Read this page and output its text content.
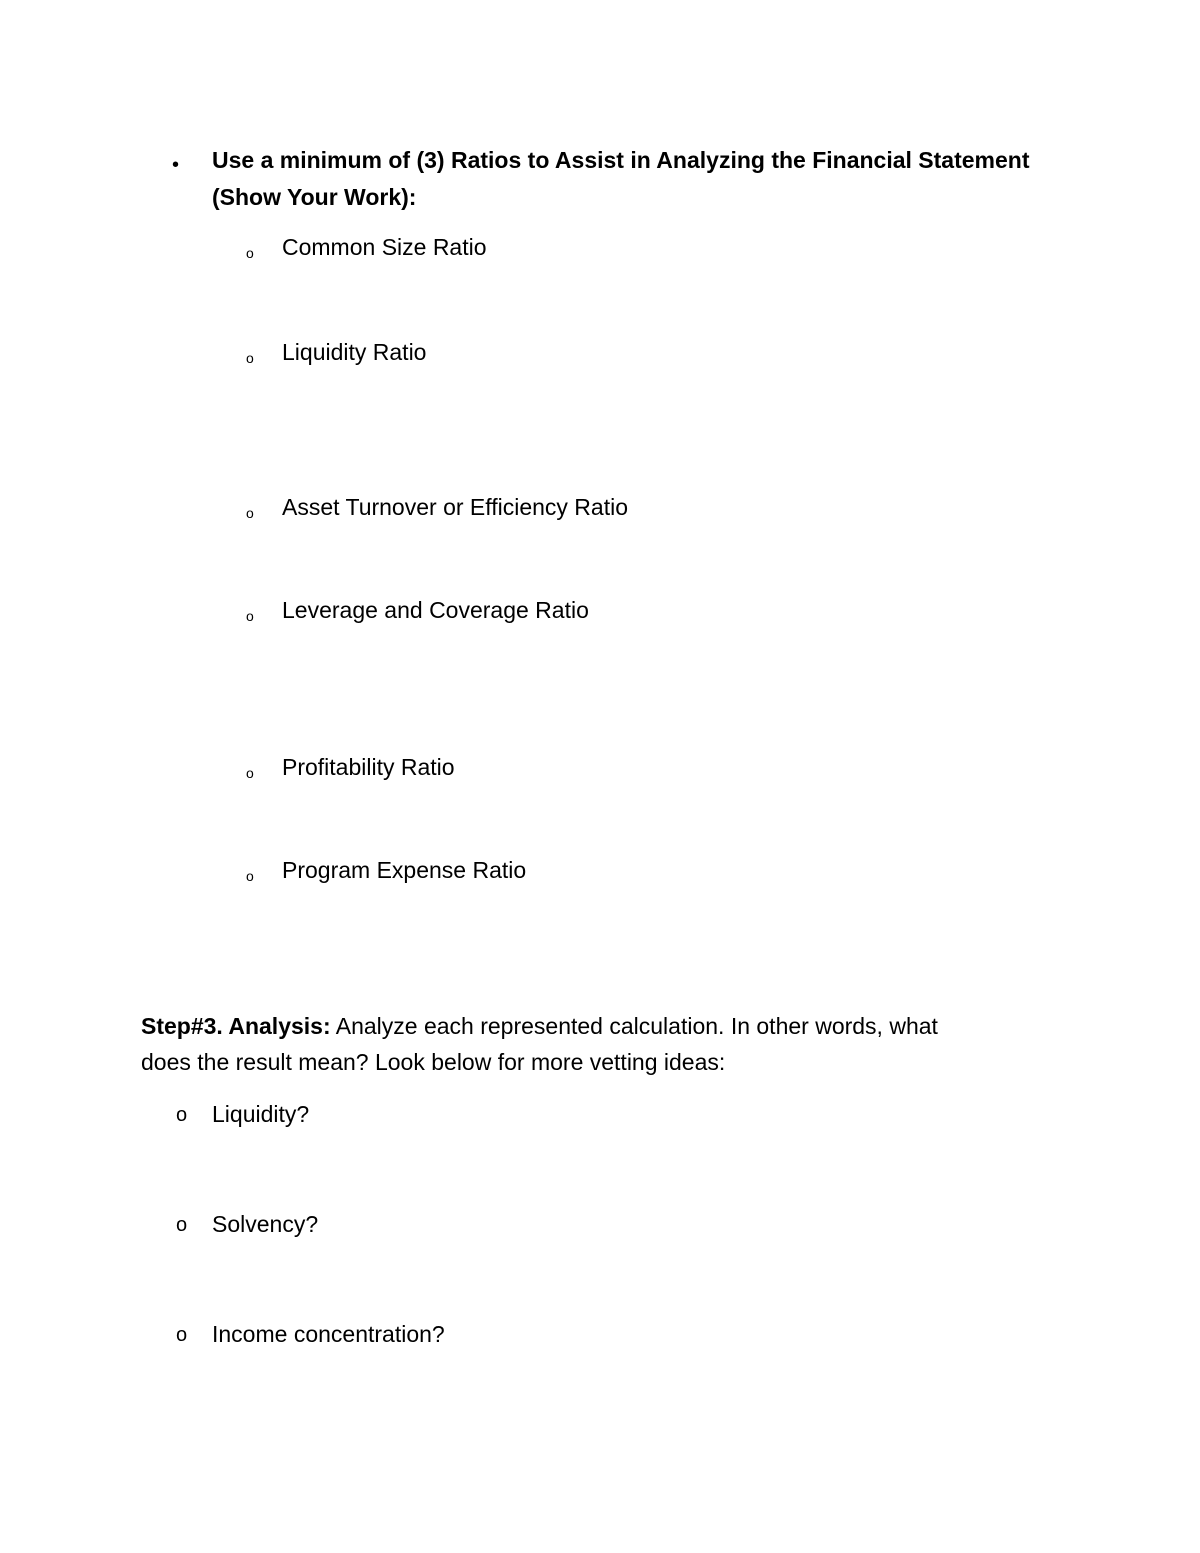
• Use a minimum of (3) Ratios to Assist in Analyzing the Financial Statement
(Show Your Work):
o Common Size Ratio
o Liquidity Ratio
o Asset Turnover or Efficiency Ratio
o Leverage and Coverage Ratio
o Profitability Ratio
o Program Expense Ratio
Step#3. Analysis: Analyze each represented calculation. In other words, what
does the result mean? Look below for more vetting ideas:
o Liquidity?
o Solvency?
o Income concentration?
